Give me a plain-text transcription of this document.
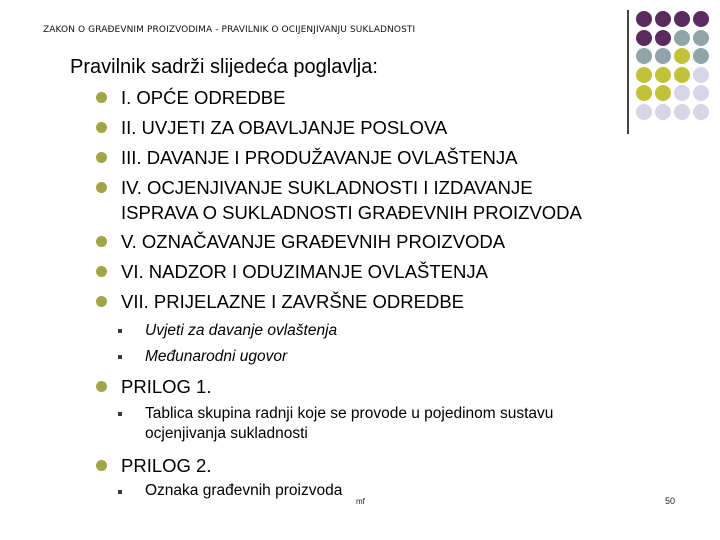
ZAKON O GRAĐEVNIM PROIZVODIMA - PRAVILNIK O OCIJENJIVANJU SUKLADNOSTI
Pravilnik sadrži slijedeća poglavlja:
I. OPĆE ODREDBE
II. UVJETI ZA OBAVLJANJE POSLOVA
III. DAVANJE I PRODUŽAVANJE OVLAŠTENJA
IV. OCJENJIVANJE SUKLADNOSTI I IZDAVANJE
ISPRAVA O SUKLADNOSTI GRAĐEVNIH PROIZVODA
V. OZNAČAVANJE GRAĐEVNIH PROIZVODA
VI. NADZOR I ODUZIMANJE OVLAŠTENJA
VII. PRIJELAZNE I ZAVRŠNE ODREDBE
Uvjeti za davanje ovlaštenja
Međunarodni ugovor
PRILOG 1.
Tablica skupina radnji koje se provode u pojedinom sustavu
ocjenjivanja sukladnosti
PRILOG 2.
Oznaka građevnih proizvoda
mf	50
